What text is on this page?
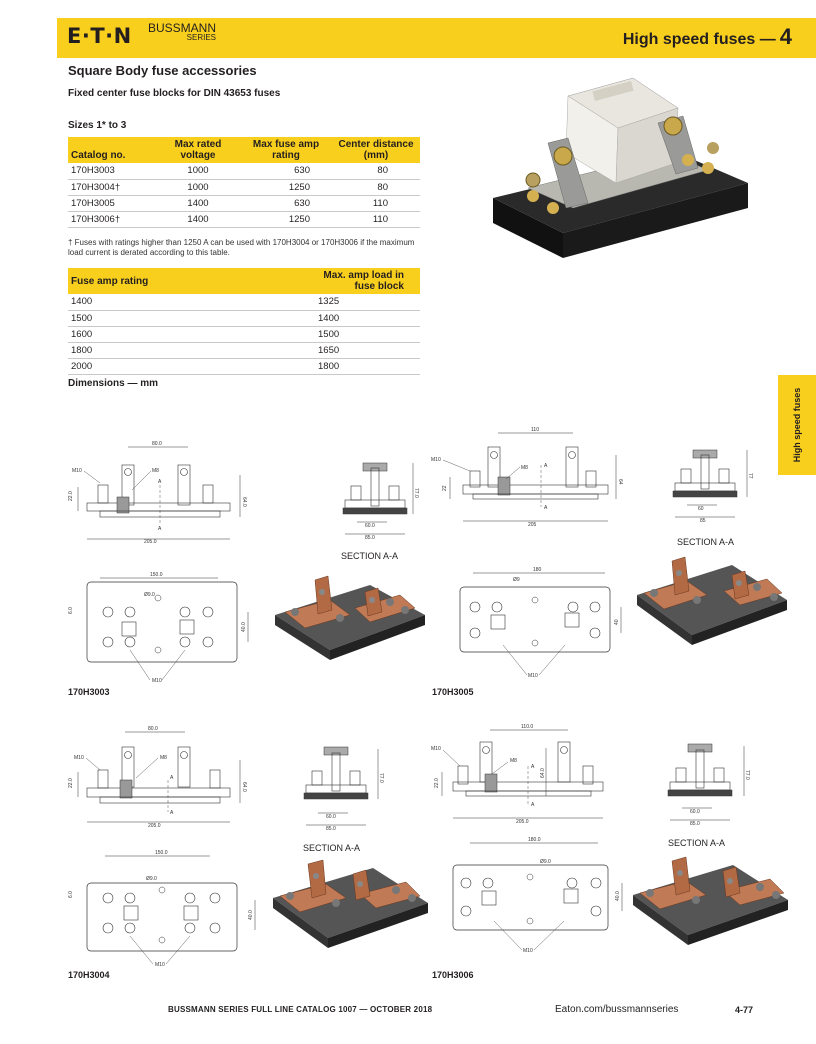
E·T·N BUSSMANN
SERIES	High speed fuses — 4
Square Body fuse accessories
Fixed center fuse blocks for DIN 43653 fuses
Sizes 1* to 3
Catalog no.	Max rated voltage	Max fuse amp rating	Center distance (mm)
170H3003	1000	630	80
170H3004†	1000	1250	80
170H3005	1400	630	110
170H3006†	1400	1250	110
† Fuses with ratings higher than 1250 A can be used with 170H3004 or 170H3006 if the maximum load current is derated according to this table.
Fuse amp rating	Max. amp load in fuse block
1400	1325
1500	1400
1600	1500
1800	1650
2000	1800
Dimensions — mm
High speed fuses
80.0
205.0
64.0
22.0
M10	M8
A
A	60.0
85.0
77.0
SECTION A-A
150.0
Ø9.0
40.0
6.0
M10
170H3003
110
205
64
22
M10
M8	A
A	60
85
77
SECTION A-A
180
Ø9
40
M10
170H3005
80.0
205.0
64.0
22.0
M10	M8
A
A
60.0
85.0
77.0
SECTION A-A
150.0
Ø9.0
40.0
6.0
M10
170H3004
110.0
205.0
64.0
22.0
M10
M8
A
A
60.0
85.0
77.0
SECTION A-A
180.0
Ø9.0
40.0
M10
170H3006
BUSSMANN SERIES FULL LINE CATALOG 1007 — OCTOBER 2018	Eaton.com/bussmannseries	4-77
